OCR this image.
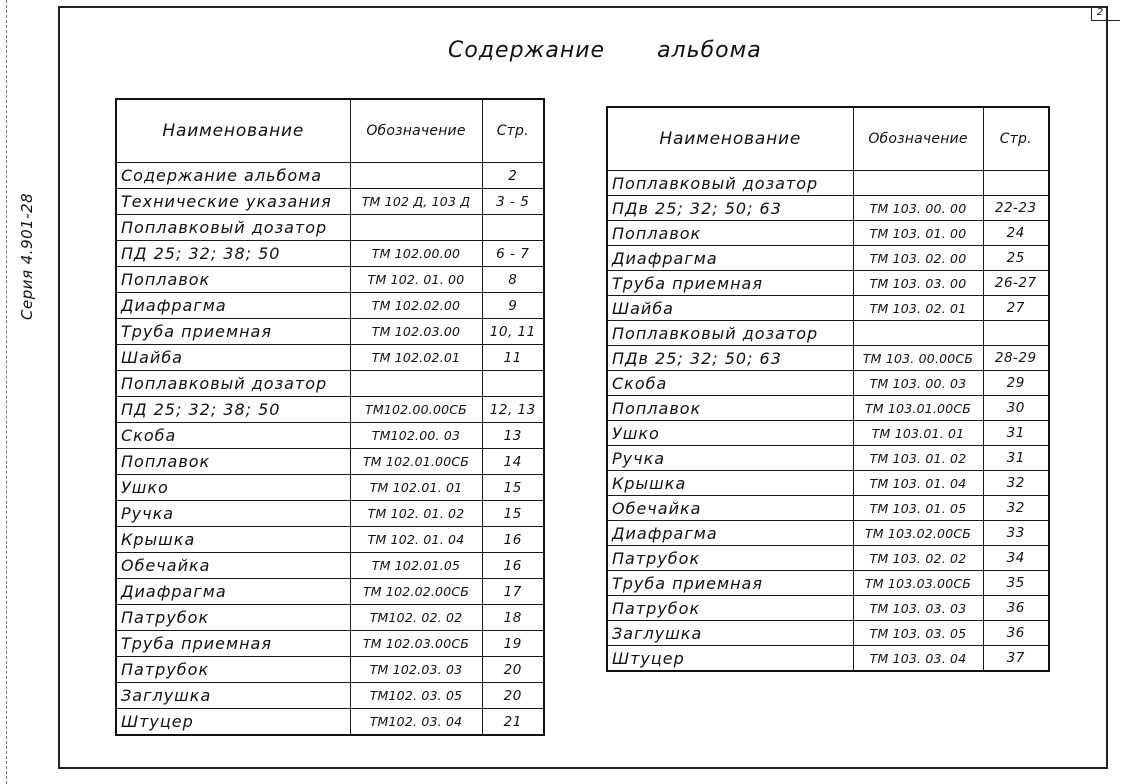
2
Серия 4.901-28
Содержание альбома
Наименование	Обозначение	Стр.
Содержание альбома		2
Технические указания	ТМ 102 Д, 103 Д	3 - 5
Поплавковый дозатор		
ПД 25; 32; 38; 50	ТМ 102.00.00	6 - 7
Поплавок	ТМ 102. 01. 00	8
Диафрагма	ТМ 102.02.00	9
Труба приемная	ТМ 102.03.00	10, 11
Шайба	ТМ 102.02.01	11
Поплавковый дозатор		
ПД 25; 32; 38; 50	ТМ102.00.00СБ	12, 13
Скоба	ТМ102.00. 03	13
Поплавок	ТМ 102.01.00СБ	14
Ушко	ТМ 102.01. 01	15
Ручка	ТМ 102. 01. 02	15
Крышка	ТМ 102. 01. 04	16
Обечайка	ТМ 102.01.05	16
Диафрагма	ТМ 102.02.00СБ	17
Патрубок	ТМ102. 02. 02	18
Труба приемная	ТМ 102.03.00СБ	19
Патрубок	ТМ 102.03. 03	20
Заглушка	ТМ102. 03. 05	20
Штуцер	ТМ102. 03. 04	21
Наименование	Обозначение	Стр.
Поплавковый дозатор		
ПДв 25; 32; 50; 63	ТМ 103. 00. 00	22-23
Поплавок	ТМ 103. 01. 00	24
Диафрагма	ТМ 103. 02. 00	25
Труба приемная	ТМ 103. 03. 00	26-27
Шайба	ТМ 103. 02. 01	27
Поплавковый дозатор		
ПДв 25; 32; 50; 63	ТМ 103. 00.00СБ	28-29
Скоба	ТМ 103. 00. 03	29
Поплавок	ТМ 103.01.00СБ	30
Ушко	ТМ 103.01. 01	31
Ручка	ТМ 103. 01. 02	31
Крышка	ТМ 103. 01. 04	32
Обечайка	ТМ 103. 01. 05	32
Диафрагма	ТМ 103.02.00СБ	33
Патрубок	ТМ 103. 02. 02	34
Труба приемная	ТМ 103.03.00СБ	35
Патрубок	ТМ 103. 03. 03	36
Заглушка	ТМ 103. 03. 05	36
Штуцер	ТМ 103. 03. 04	37
